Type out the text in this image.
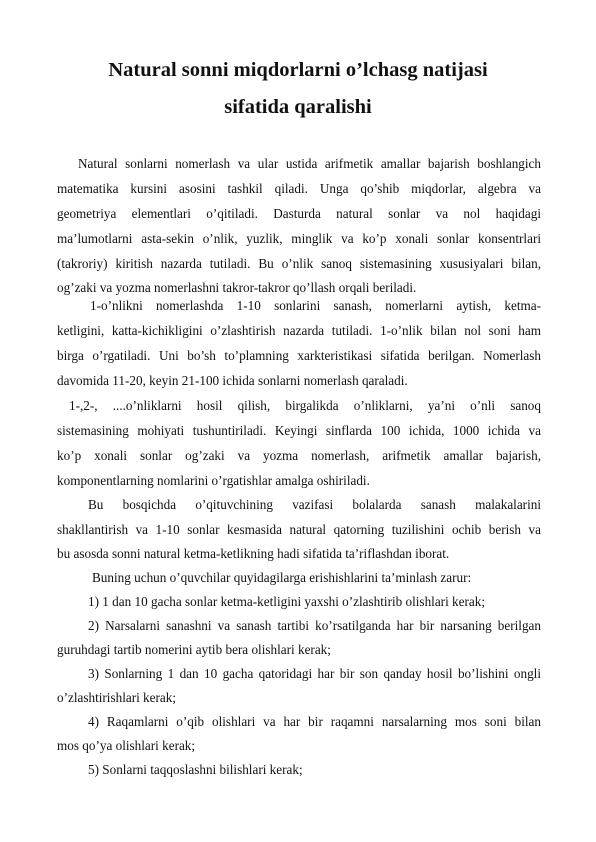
Natural sonni miqdorlarni o’lchasg natijasi
sifatida qaralishi
Natural sonlarni nomerlash va ular ustida arifmetik amallar bajarish boshlangich
matematika kursini asosini tashkil qiladi. Unga qo’shib miqdorlar, algebra va
geometriya elementlari o’qitiladi. Dasturda natural sonlar va nol haqidagi
ma’lumotlarni asta-sekin o’nlik, yuzlik, minglik va ko’p xonali sonlar konsentrlari
(takroriy) kiritish nazarda tutiladi. Bu o’nlik sanoq sistemasining xususiyalari bilan,
og’zaki va yozma nomerlashni takror-takror qo’llash orqali beriladi.
1-o’nlikni nomerlashda 1-10 sonlarini sanash, nomerlarni aytish, ketma-
ketligini, katta-kichikligini o’zlashtirish nazarda tutiladi. 1-o’nlik bilan nol soni ham
birga o’rgatiladi. Uni bo’sh to’plamning xarkteristikasi sifatida berilgan. Nomerlash
davomida 11-20, keyin 21-100 ichida sonlarni nomerlash qaraladi.
1-,2-, ....o’nliklarni hosil qilish, birgalikda o’nliklarni, ya’ni o’nli sanoq
sistemasining mohiyati tushuntiriladi. Keyingi sinflarda 100 ichida, 1000 ichida va
ko’p xonali sonlar og’zaki va yozma nomerlash, arifmetik amallar bajarish,
komponentlarning nomlarini o’rgatishlar amalga oshiriladi.
Bu bosqichda o’qituvchining vazifasi bolalarda sanash malakalarini
shakllantirish va 1-10 sonlar kesmasida natural qatorning tuzilishini ochib berish va
bu asosda sonni natural ketma-ketlikning hadi sifatida ta’riflashdan iborat.
Buning uchun o’quvchilar quyidagilarga erishishlarini ta’minlash zarur:
1) 1 dan 10 gacha sonlar ketma-ketligini yaxshi o’zlashtirib olishlari kerak;
2) Narsalarni sanashni va sanash tartibi ko’rsatilganda har bir narsaning berilgan
guruhdagi tartib nomerini aytib bera olishlari kerak;
3) Sonlarning 1 dan 10 gacha qatoridagi har bir son qanday hosil bo’lishini ongli
o’zlashtirishlari kerak;
4) Raqamlarni o’qib olishlari va har bir raqamni narsalarning mos soni bilan
mos qo’ya olishlari kerak;
5) Sonlarni taqqoslashni bilishlari kerak;
